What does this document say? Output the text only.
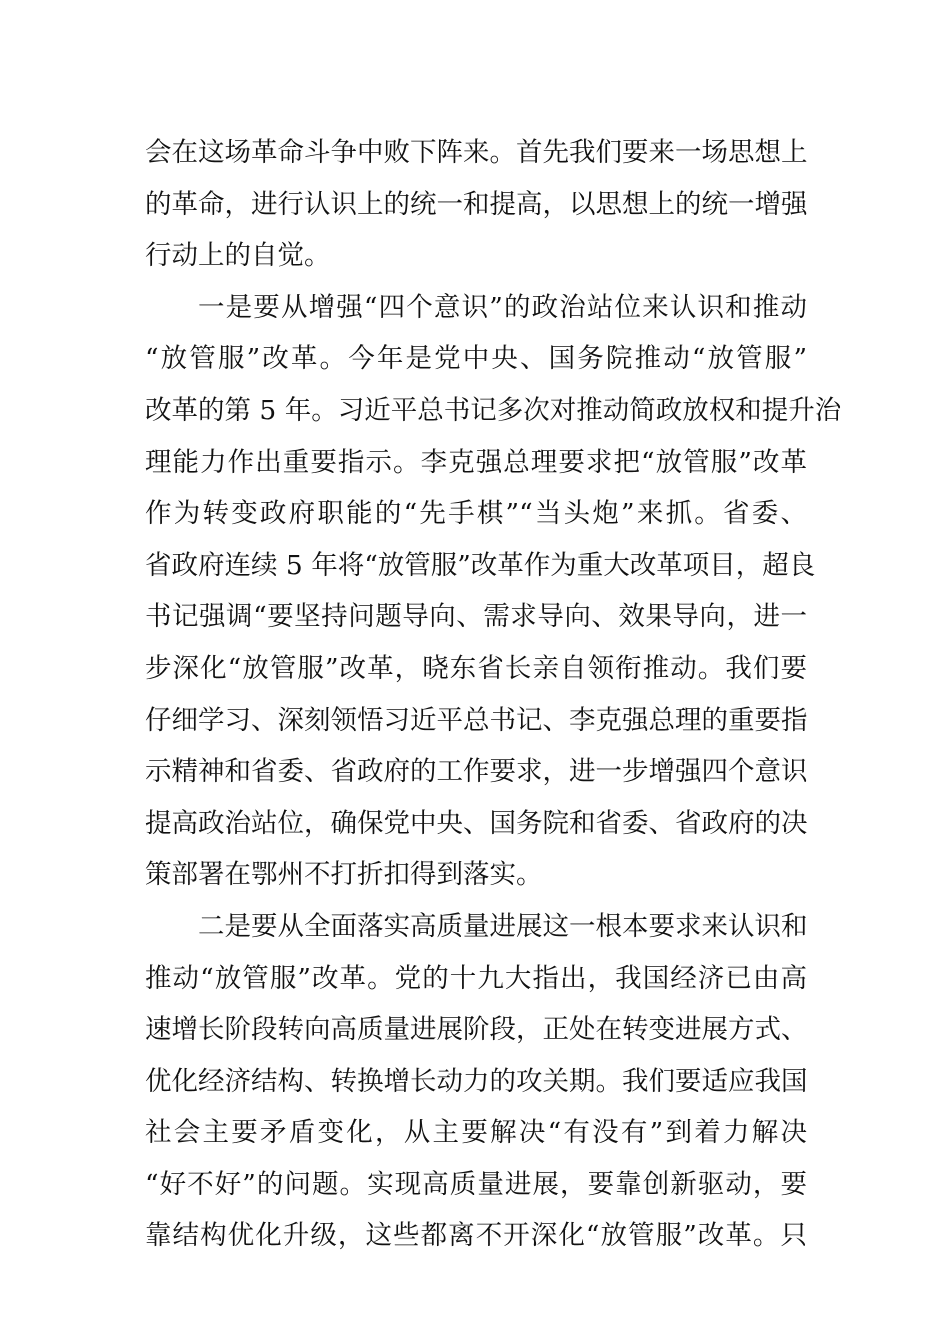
会在这场革命斗争中败下阵来。首先我们要来一场思想上
的革命，进行认识上的统一和提高，以思想上的统一增强
行动上的自觉。
一是要从增强“四个意识”的政治站位来认识和推动
“放管服”改革。今年是党中央、国务院推动“放管服”
改革的第 5 年。习近平总书记多次对推动简政放权和提升治
理能力作出重要指示。李克强总理要求把“放管服”改革
作为转变政府职能的“先手棋”“当头炮”来抓。省委、
省政府连续 5 年将“放管服”改革作为重大改革项目，超良
书记强调“要坚持问题导向、需求导向、效果导向，进一
步深化“放管服”改革，晓东省长亲自领衔推动。我们要
仔细学习、深刻领悟习近平总书记、李克强总理的重要指
示精神和省委、省政府的工作要求，进一步增强四个意识
提高政治站位，确保党中央、国务院和省委、省政府的决
策部署在鄂州不打折扣得到落实。
二是要从全面落实高质量进展这一根本要求来认识和
推动“放管服”改革。党的十九大指出，我国经济已由高
速增长阶段转向高质量进展阶段，正处在转变进展方式、
优化经济结构、转换增长动力的攻关期。我们要适应我国
社会主要矛盾变化，从主要解决“有没有”到着力解决
“好不好”的问题。实现高质量进展，要靠创新驱动，要
靠结构优化升级，这些都离不开深化“放管服”改革。只
